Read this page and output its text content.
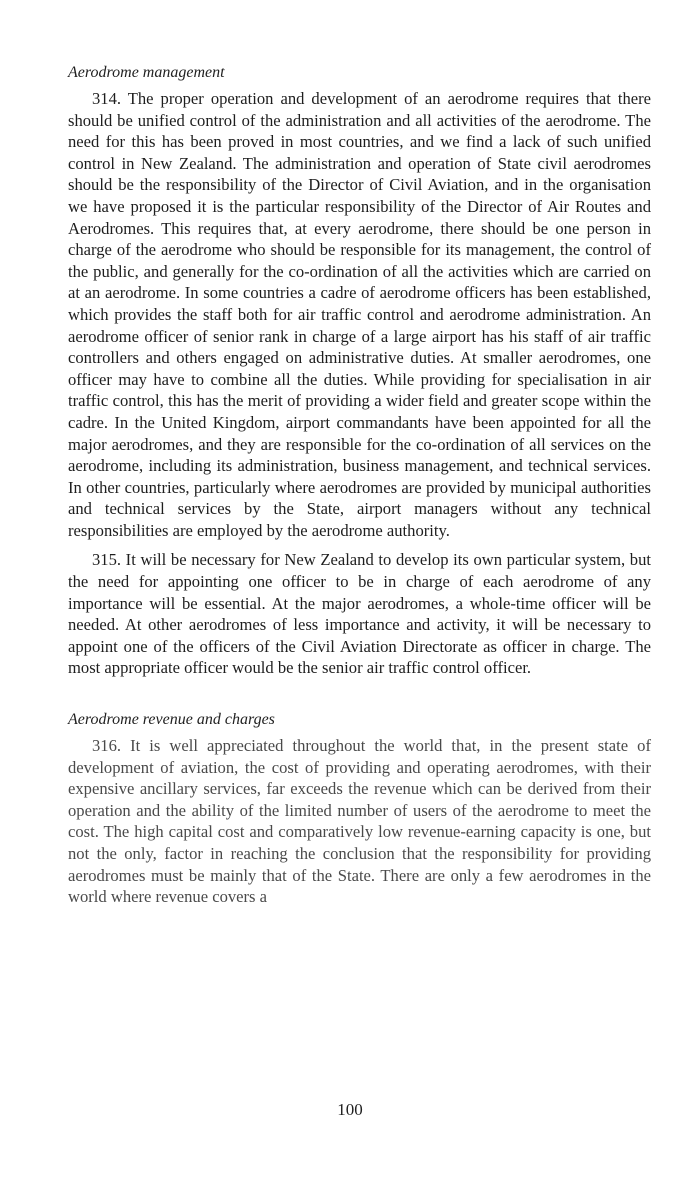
Aerodrome management

314. The proper operation and development of an aerodrome requires that there should be unified control of the administration and all activities of the aerodrome. The need for this has been proved in most countries, and we find a lack of such unified control in New Zealand. The administration and operation of State civil aerodromes should be the responsibility of the Director of Civil Aviation, and in the organisation we have proposed it is the particular responsibility of the Director of Air Routes and Aerodromes. This requires that, at every aerodrome, there should be one person in charge of the aerodrome who should be responsible for its management, the control of the public, and generally for the co-ordination of all the activities which are carried on at an aerodrome. In some countries a cadre of aerodrome officers has been established, which provides the staff both for air traffic control and aerodrome administration. An aerodrome officer of senior rank in charge of a large airport has his staff of air traffic controllers and others engaged on administrative duties. At smaller aerodromes, one officer may have to combine all the duties. While providing for specialisation in air traffic control, this has the merit of providing a wider field and greater scope within the cadre. In the United Kingdom, airport commandants have been appointed for all the major aerodromes, and they are responsible for the co-ordination of all services on the aerodrome, including its administration, business management, and technical services. In other countries, particularly where aerodromes are provided by municipal authorities and technical services by the State, airport managers without any technical responsibilities are employed by the aerodrome authority.

315. It will be necessary for New Zealand to develop its own particular system, but the need for appointing one officer to be in charge of each aerodrome of any importance will be essential. At the major aerodromes, a whole-time officer will be needed. At other aerodromes of less importance and activity, it will be necessary to appoint one of the officers of the Civil Aviation Directorate as officer in charge. The most appropriate officer would be the senior air traffic control officer.

Aerodrome revenue and charges

316. It is well appreciated throughout the world that, in the present state of development of aviation, the cost of providing and operating aerodromes, with their expensive ancillary services, far exceeds the revenue which can be derived from their operation and the ability of the limited number of users of the aerodrome to meet the cost. The high capital cost and comparatively low revenue-earning capacity is one, but not the only, factor in reaching the conclusion that the responsibility for providing aerodromes must be mainly that of the State. There are only a few aerodromes in the world where revenue covers a

100
